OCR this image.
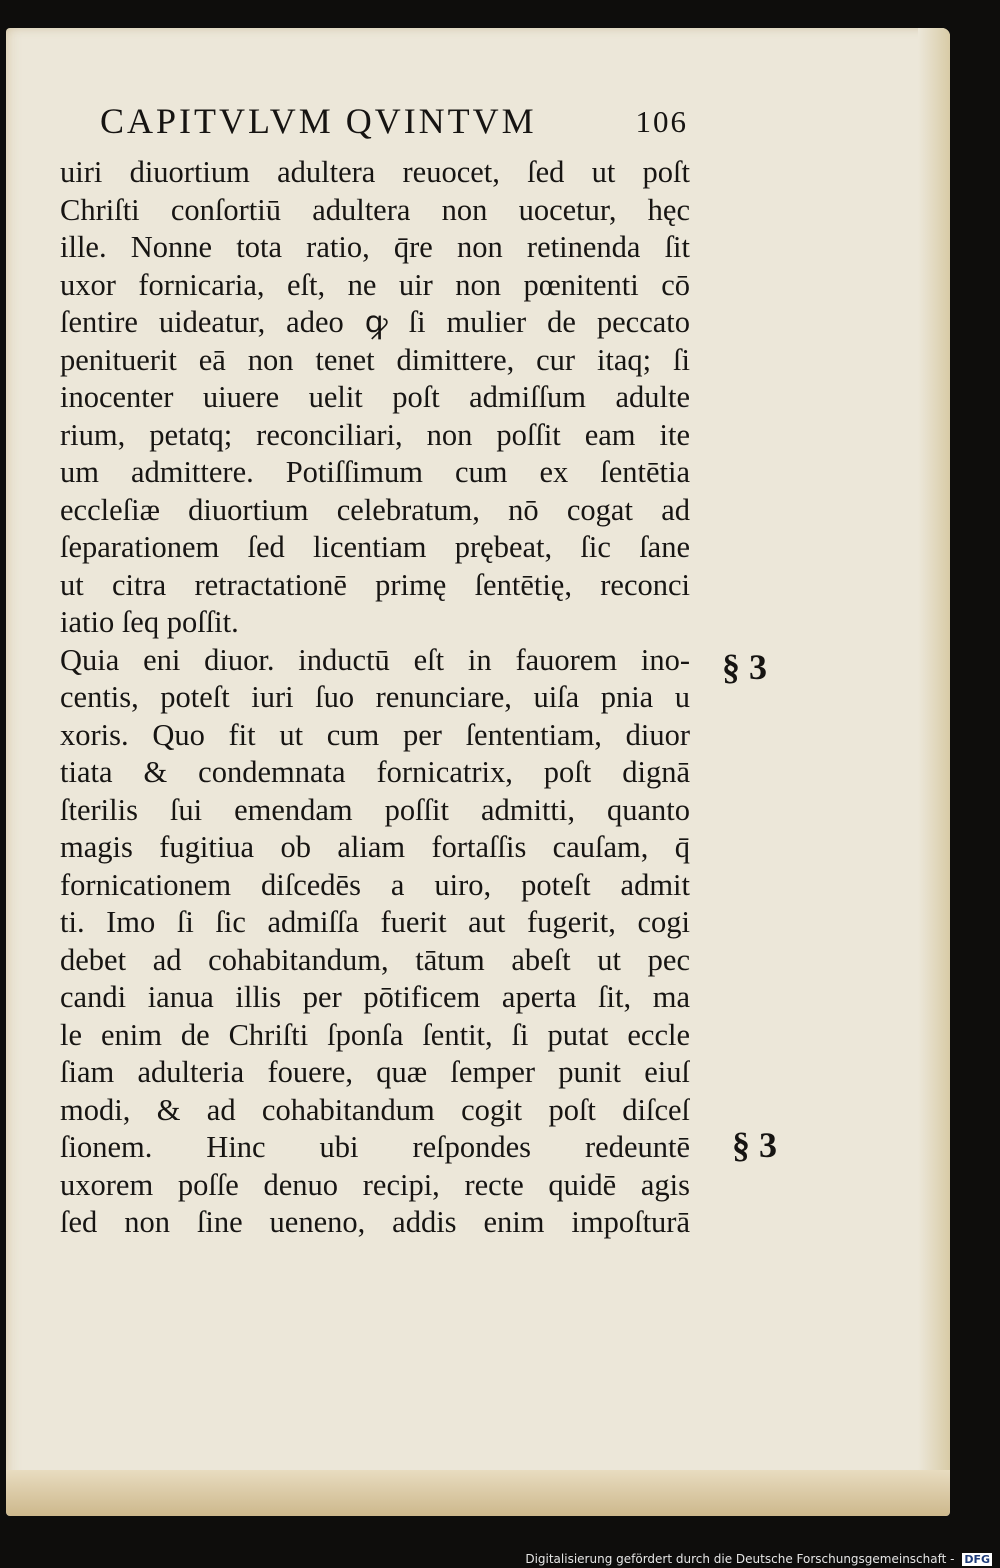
CAPITVLVM QVINTVM	106
uiri diuortium adultera reuocet, ſed ut poſt
Chriſti conſortiū adultera non uocetur, hęc
ille. Nonne tota ratio, q̄re non retinenda ſit
uxor fornicaria, eſt, ne uir non pœnitenti cō
ſentire uideatur, adeo ꝙ ſi mulier de peccato
penituerit eā non tenet dimittere, cur itaq; ſi
inocenter uiuere uelit poſt admiſſum adulte
rium, petatq; reconciliari, non poſſit eam ite
um admittere. Potiſſimum cum ex ſentētia
eccleſiæ diuortium celebratum, nō cogat ad
ſeparationem ſed licentiam prębeat, ſic ſane
ut citra retractationē primę ſentētię, reconci
iatio ſeq poſſit.
Quia eni diuor. inductū eſt in fauorem ino-
centis, poteſt iuri ſuo renunciare, uiſa pnia u
xoris. Quo fit ut cum per ſententiam, diuor
tiata & condemnata fornicatrix, poſt dignā
ſterilis ſui emendam poſſit admitti, quanto
magis fugitiua ob aliam fortaſſis cauſam, q̄
fornicationem diſcedēs a uiro, poteſt admit
ti. Imo ſi ſic admiſſa fuerit aut fugerit, cogi
debet ad cohabitandum, tātum abeſt ut pec
candi ianua illis per pōtificem aperta ſit, ma
le enim de Chriſti ſponſa ſentit, ſi putat eccle
ſiam adulteria fouere, quæ ſemper punit eiuſ
modi, & ad cohabitandum cogit poſt diſceſ
ſionem. Hinc ubi reſpondes redeuntē
uxorem poſſe denuo recipi, recte quidē agis
ſed non ſine ueneno, addis enim impoſturā
§ 3
§ 3
Digitalisierung gefördert durch die Deutsche Forschungsgemeinschaft - DFG
